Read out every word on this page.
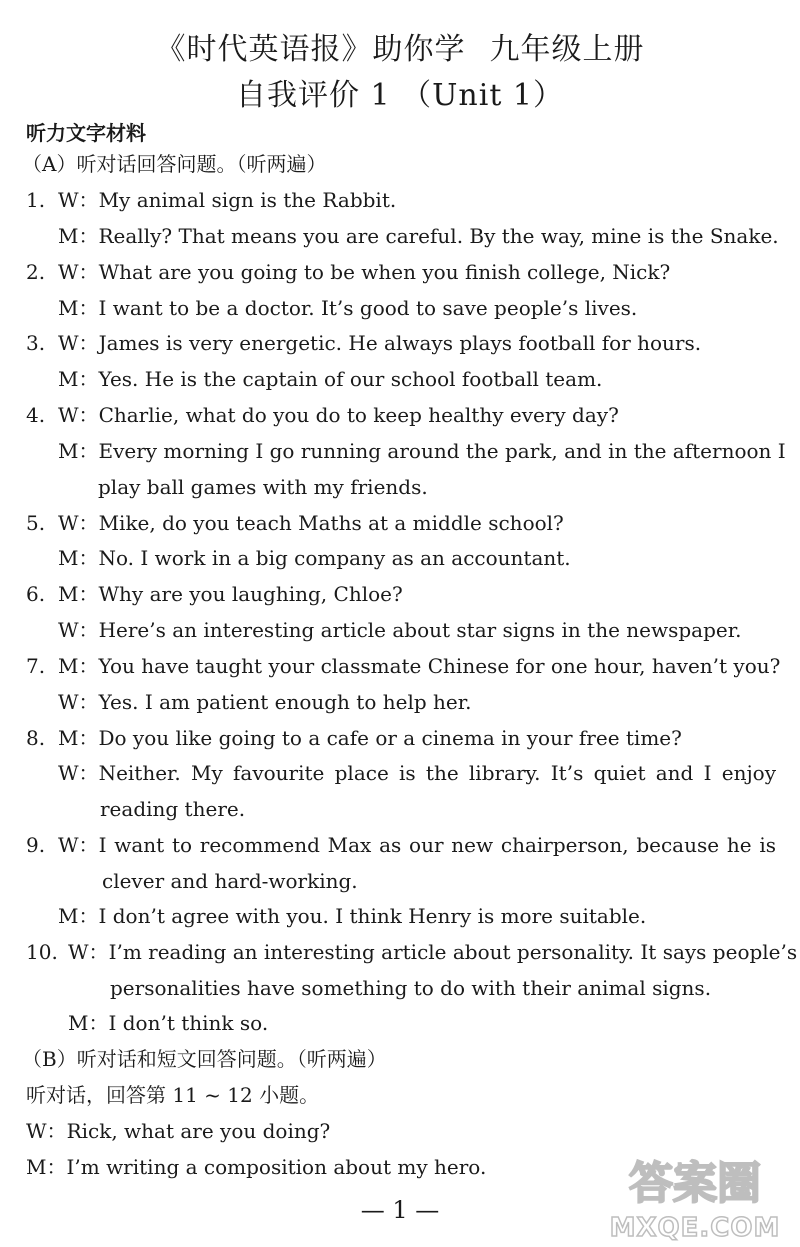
《时代英语报》助你学 九年级上册
自我评价 1 （Unit 1）
听力文字材料
（A）听对话回答问题。（听两遍）
1. W：My animal sign is the Rabbit.
M：Really? That means you are careful. By the way, mine is the Snake.
2. W：What are you going to be when you finish college, Nick?
M：I want to be a doctor. It’s good to save people’s lives.
3. W：James is very energetic. He always plays football for hours.
M：Yes. He is the captain of our school football team.
4. W：Charlie, what do you do to keep healthy every day?
M：Every morning I go running around the park, and in the afternoon I
play ball games with my friends.
5. W：Mike, do you teach Maths at a middle school?
M：No. I work in a big company as an accountant.
6. M：Why are you laughing, Chloe?
W：Here’s an interesting article about star signs in the newspaper.
7. M：You have taught your classmate Chinese for one hour, haven’t you?
W：Yes. I am patient enough to help her.
8. M：Do you like going to a cafe or a cinema in your free time?
W：Neither. My favourite place is the library. It’s quiet and I enjoy
reading there.
9. W：I want to recommend Max as our new chairperson, because he is
clever and hard-working.
M：I don’t agree with you. I think Henry is more suitable.
10. W：I’m reading an interesting article about personality. It says people’s
personalities have something to do with their animal signs.
M：I don’t think so.
（B）听对话和短文回答问题。（听两遍）
听对话，回答第 11 ~ 12 小题。
W：Rick, what are you doing?
M：I’m writing a composition about my hero.
— 1 —
答案圈
MXQE.COM
